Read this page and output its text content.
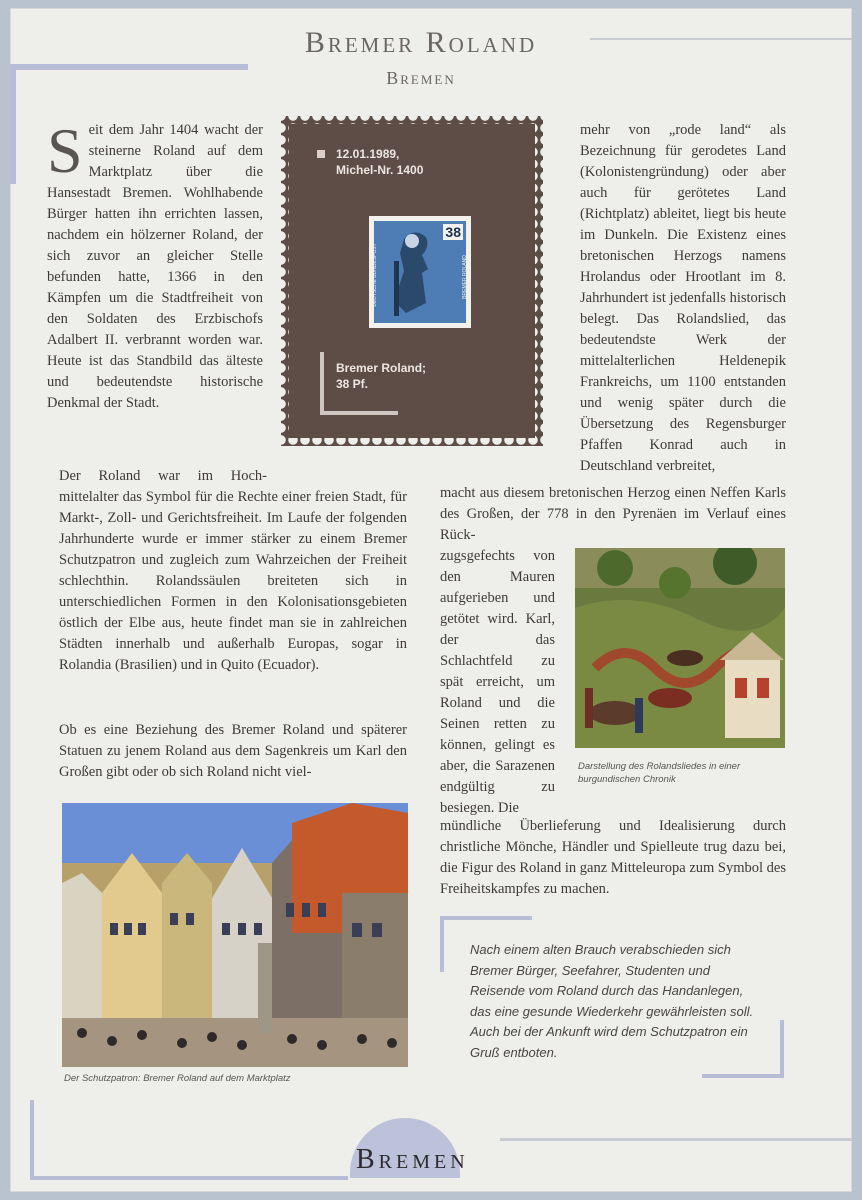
Bremer Roland
Bremen
S eit dem Jahr 1404 wacht der steinerne Roland auf dem Marktplatz über die Hansestadt Bremen. Wohlhabende Bürger hatten ihn errichten lassen, nachdem ein hölzerner Roland, der sich zuvor an gleicher Stelle befunden hatte, 1366 in den Kämpfen um die Stadtfreiheit von den Soldaten des Erzbischofs Adalbert II. verbrannt worden war. Heute ist das Standbild das älteste und bedeutendste historische Denkmal der Stadt.
12.01.1989,
Michel-Nr. 1400
38
DEUTSCHE BUNDESPOST	BREMER ROLAND
Bremer Roland;
38 Pf.
mehr von „rode land“ als Bezeichnung für gerodetes Land (Kolonistengründung) oder aber auch für gerötetes Land (Richtplatz) ableitet, liegt bis heute im Dunkeln. Die Existenz eines bretonischen Herzogs namens Hrolandus oder Hrootlant im 8. Jahrhundert ist jedenfalls historisch belegt. Das Rolandslied, das bedeutendste Werk der mittelalterlichen Heldenepik Frankreichs, um 1100 entstanden und wenig später durch die Übersetzung des Regensburger Pfaffen Konrad auch in Deutschland verbreitet,
Der Roland war im Hoch-
mittelalter das Symbol für die Rechte einer freien Stadt, für Markt-, Zoll- und Gerichtsfreiheit. Im Laufe der folgenden Jahrhunderte wurde er immer stärker zu einem Bremer Schutzpatron und zugleich zum Wahrzeichen der Freiheit schlechthin. Rolandssäulen breiteten sich in unterschiedlichen Formen in den Kolonisationsgebieten östlich der Elbe aus, heute findet man sie in zahlreichen Städten innerhalb und außerhalb Europas, sogar in Rolandia (Brasilien) und in Quito (Ecuador).
Ob es eine Beziehung des Bremer Roland und späterer Statuen zu jenem Roland aus dem Sagenkreis um Karl den Großen gibt oder ob sich Roland nicht viel-
macht aus diesem bretonischen Herzog einen Neffen Karls des Großen, der 778 in den Pyrenäen im Verlauf eines Rück-
zugsgefechts von den Mauren aufgerieben und getötet wird. Karl, der das Schlachtfeld zu spät erreicht, um Roland und die Seinen retten zu können, gelingt es aber, die Sarazenen endgültig zu besiegen. Die
mündliche Überlieferung und Idealisierung durch christliche Mönche, Händler und Spielleute trug dazu bei, die Figur des Roland in ganz Mitteleuropa zum Symbol des Freiheitskampfes zu machen.
Darstellung des Rolandsliedes in einer burgundischen Chronik
Der Schutzpatron: Bremer Roland auf dem Marktplatz
Nach einem alten Brauch verabschieden sich Bremer Bürger, Seefahrer, Studenten und Reisende vom Roland durch das Handanlegen, das eine gesunde Wiederkehr gewährleisten soll. Auch bei der Ankunft wird dem Schutzpatron ein Gruß entboten.
Bremen
